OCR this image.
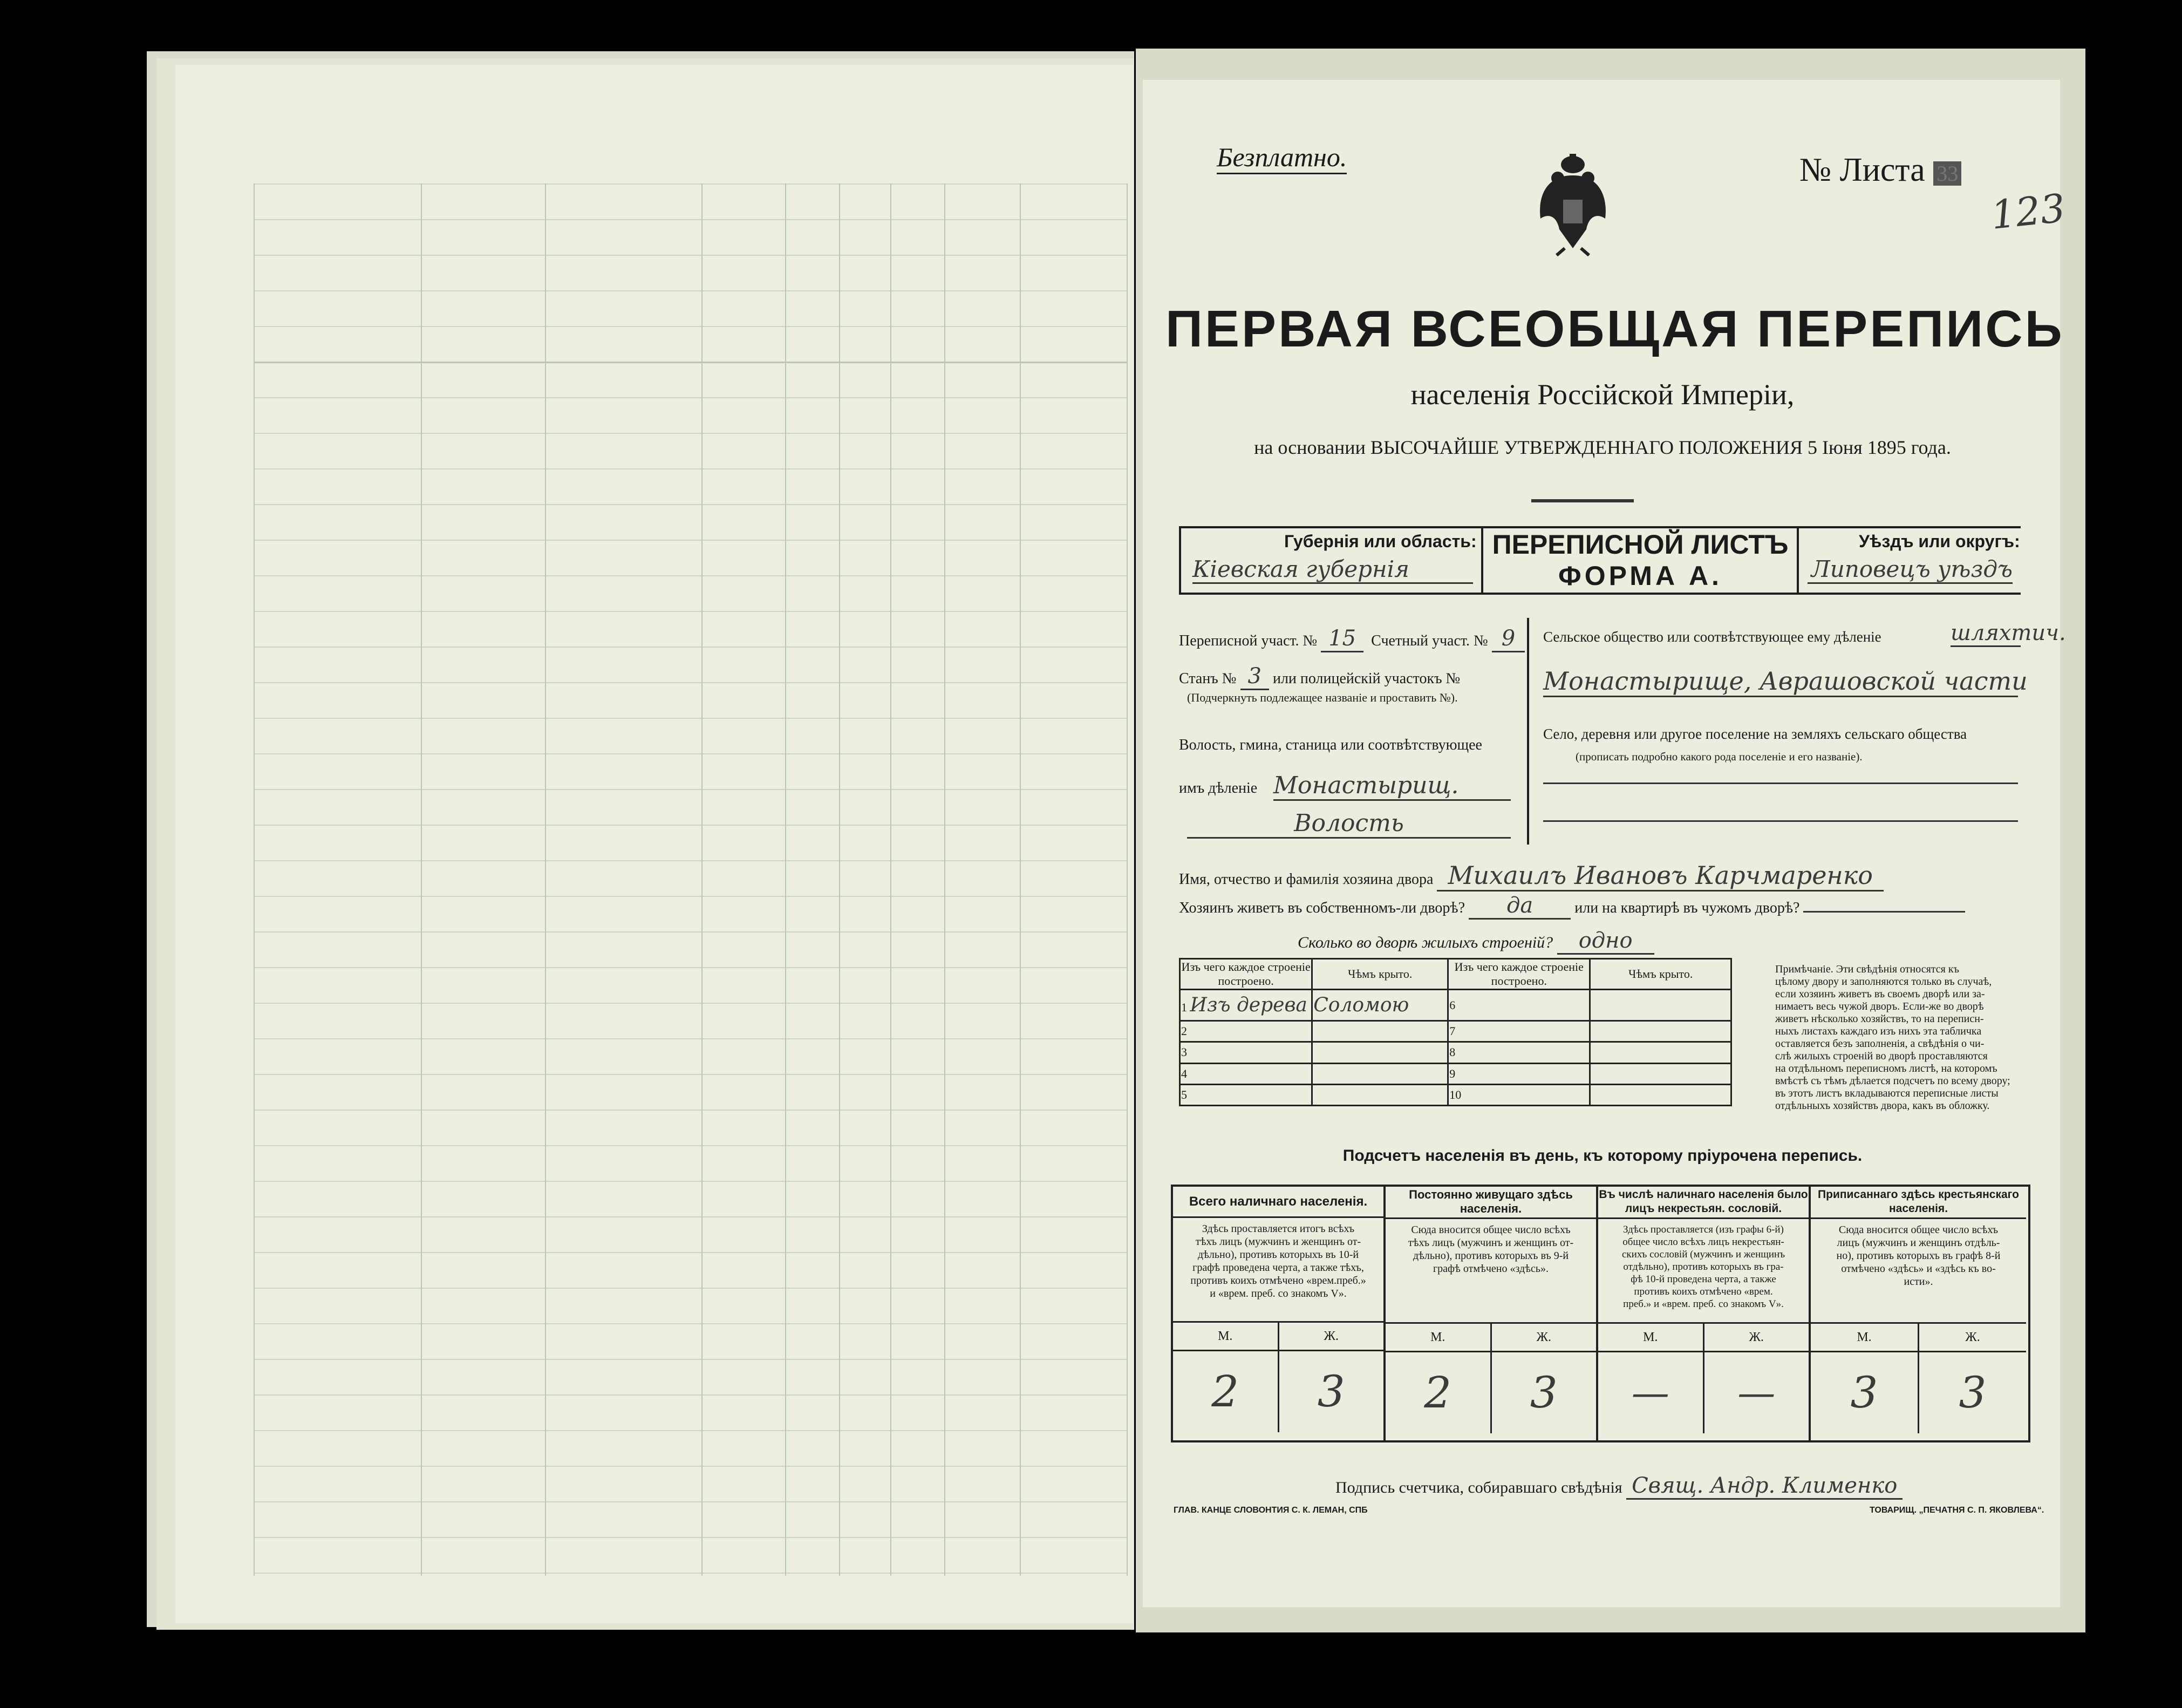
Безплатно.	№ Листа 33
123
ПЕРВАЯ ВСЕОБЩАЯ ПЕРЕПИСЬ
населенія Россійской Имперіи,
на основании ВЫСОЧАЙШЕ УТВЕРЖДЕННАГО ПОЛОЖЕНИЯ 5 Іюня 1895 года.
Губернія или область:
Кіевская губернія
ПЕРЕПИСНОЙ ЛИСТЪ
ФОРМА А.
Уѣздъ или округъ:
Липовецъ уѣздъ
Переписной участ. № 15 Счетный участ. № 9
Станъ № 3 или полицейскій участокъ №
(Подчеркнуть подлежащее названіе и проставить №).
Волость, гмина, станица или соотвѣтствующее
имъ дѣленіе Монастырищ.
Волость
Сельское общество или соотвѣтствующее ему дѣленіе	шляхтич.
Монастырище, Аврашовской части
Село, деревня или другое поселение на земляхъ сельскаго общества
(прописать подробно какого рода поселеніе и его названіе).
Имя, отчество и фамилія хозяина двора Михаилъ Ивановъ Карчмаренко
Хозяинъ живетъ въ собственномъ-ли дворѣ? да	или на квартирѣ въ чужомъ дворѣ?
Сколько во дворѣ жилыхъ строеній? одно
Изъ чего каждое строеніе построено.	Чѣмъ крыто.	Изъ чего каждое строеніе построено.	Чѣмъ крыто.
1 Изъ дерева	Соломою	6	
2		7	
3		8	
4		9	
5		10	
Примѣчаніе. Эти свѣдѣнія относятся къ
цѣлому двору и заполняются только въ случаѣ,
если хозяинъ живетъ въ своемъ дворѣ или за-
нимаетъ весь чужой дворъ. Если-же во дворѣ
живетъ нѣсколько хозяйствъ, то на переписн-
ныхъ листахъ каждаго изъ нихъ эта табличка
оставляется безъ заполненія, а свѣдѣнія о чи-
слѣ жилыхъ строеній во дворѣ проставляются
на отдѣльномъ переписномъ листѣ, на которомъ
вмѣстѣ съ тѣмъ дѣлается подсчетъ по всему двору;
въ этотъ листъ вкладываются переписные листы
отдѣльныхъ хозяйствъ двора, какъ въ обложку.
Подсчетъ населенія въ день, къ которому пріурочена перепись.
Всего наличнаго населенія.
Здѣсь проставляется итогъ всѣхъ
тѣхъ лицъ (мужчинъ и женщинъ от-
дѣльно), противъ которыхъ въ 10-й
графѣ проведена черта, а также тѣхъ,
противъ коихъ отмѣчено «врем.преб.»
и «врем. преб. со знакомъ V».
М.	Ж.
2	3
Постоянно живущаго здѣсь населенія.
Сюда вносится общее число всѣхъ
тѣхъ лицъ (мужчинъ и женщинъ от-
дѣльно), противъ которыхъ въ 9-й
графѣ отмѣчено «здѣсь».
М.	Ж.
2	3
Въ числѣ наличнаго населенія было лицъ некрестьян. сословій.
Здѣсь проставляется (изъ графы 6-й)
общее число всѣхъ лицъ некрестьян-
скихъ сословій (мужчинъ и женщинъ
отдѣльно), противъ которыхъ въ гра-
фѣ 10-й проведена черта, а также
противъ коихъ отмѣчено «врем.
преб.» и «врем. преб. со знакомъ V».
М.	Ж.
—	—
Приписаннаго здѣсь крестьянскаго населенія.
Сюда вносится общее число всѣхъ
лицъ (мужчинъ и женщинъ отдѣль-
но), противъ которыхъ въ графѣ 8-й
отмѣчено «здѣсь» и «здѣсь къ во-
исти».
М.	Ж.
3	3
Подпись счетчика, собиравшаго свѣдѣнія Свящ. Андр. Клименко
ГЛАВ. КАНЦЕ СЛОВОНТИЯ С. К. ЛЕМАН, СПБ	ТОВАРИЩ. „ПЕЧАТНЯ С. П. ЯКОВЛЕВА“.
